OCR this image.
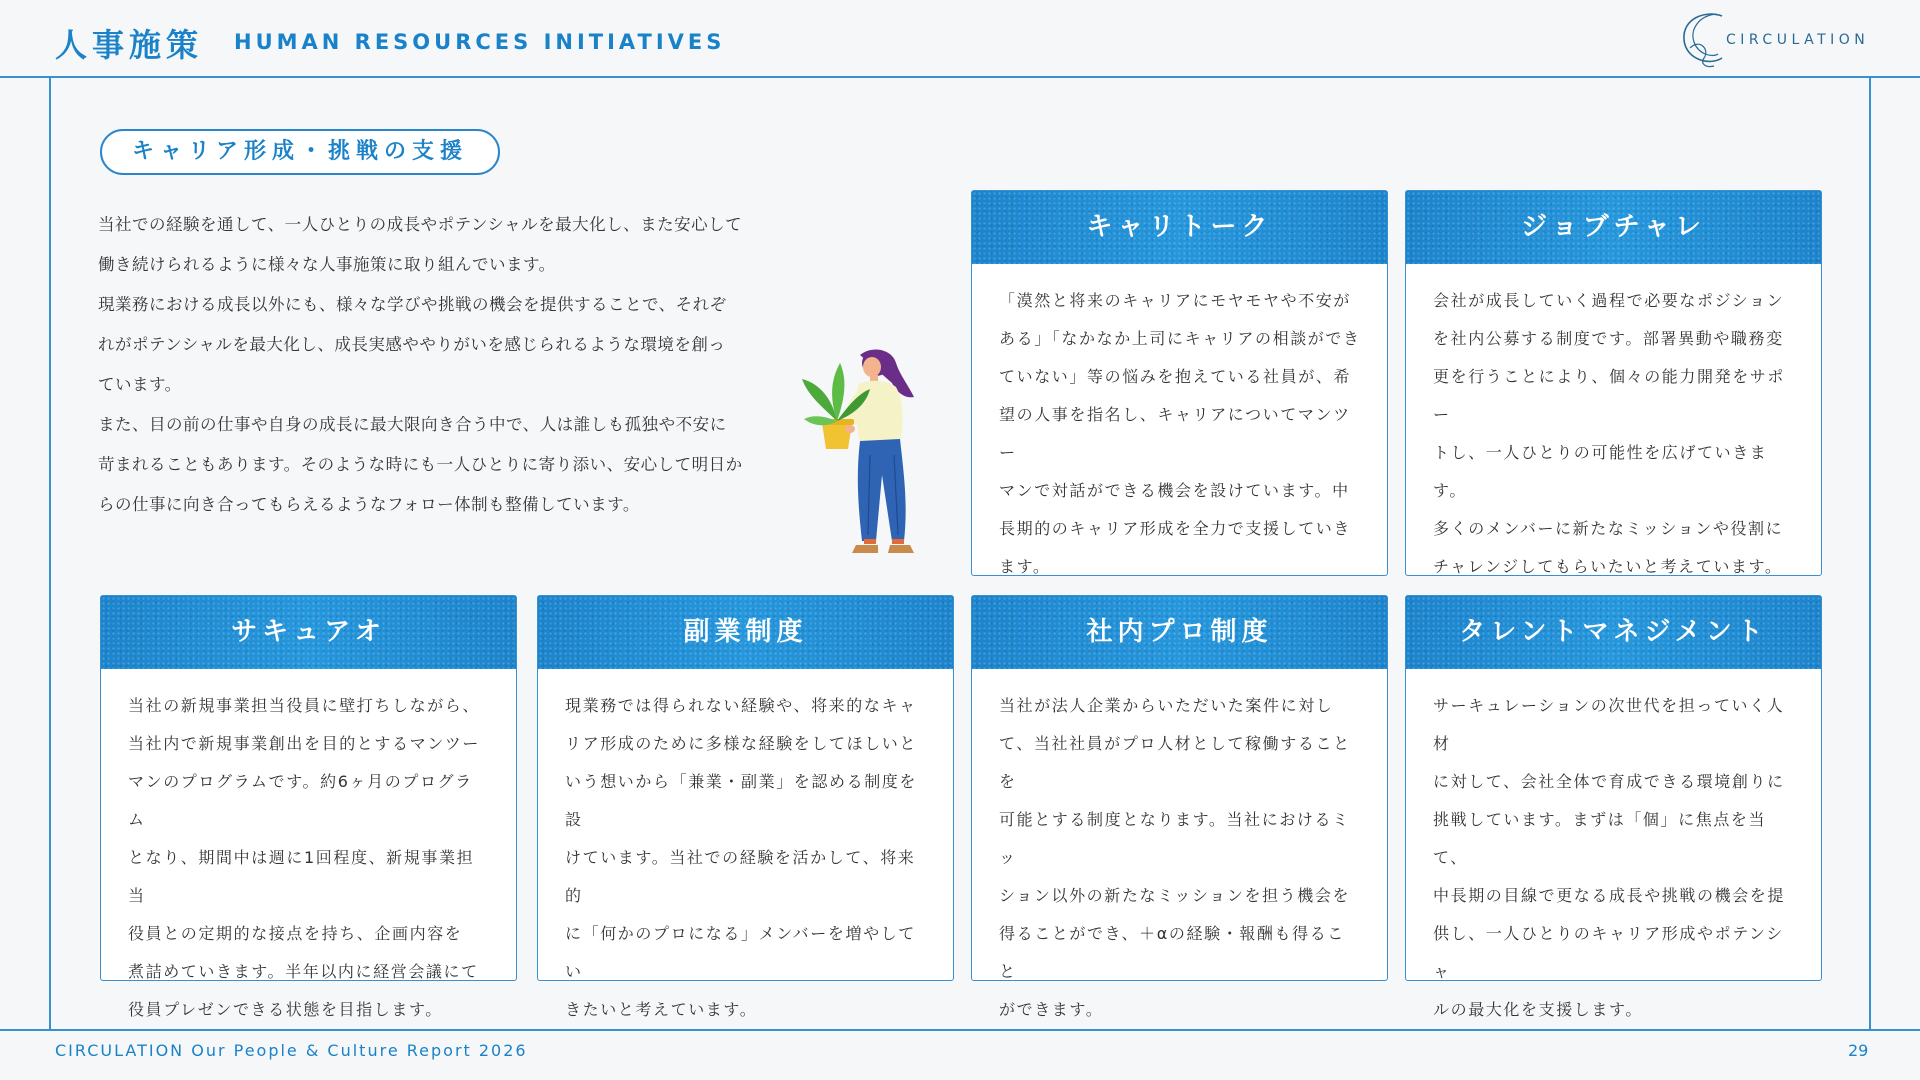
人事施策 HUMAN RESOURCES INITIATIVES	CIRCULATION
キャリア形成・挑戦の支援

当社での経験を通して、一人ひとりの成長やポテンシャルを最大化し、また安心して

働き続けられるように様々な人事施策に取り組んでいます。

現業務における成長以外にも、様々な学びや挑戦の機会を提供することで、それぞ

れがポテンシャルを最大化し、成長実感ややりがいを感じられるような環境を創っ

ています。

また、目の前の仕事や自身の成長に最大限向き合う中で、人は誰しも孤独や不安に

苛まれることもあります。そのような時にも一人ひとりに寄り添い、安心して明日か

らの仕事に向き合ってもらえるようなフォロー体制も整備しています。

キャリトーク
「漠然と将来のキャリアにモヤモヤや不安が
ある」「なかなか上司にキャリアの相談ができ
ていない」等の悩みを抱えている社員が、希
望の人事を指名し、キャリアについてマンツー
マンで対話ができる機会を設けています。中
長期的のキャリア形成を全力で支援していき
ます。
ジョブチャレ
会社が成長していく過程で必要なポジション
を社内公募する制度です。部署異動や職務変
更を行うことにより、個々の能力開発をサポー
トし、一人ひとりの可能性を広げていきます。
多くのメンバーに新たなミッションや役割に
チャレンジしてもらいたいと考えています。
サキュアオ
当社の新規事業担当役員に壁打ちしながら、
当社内で新規事業創出を目的とするマンツー
マンのプログラムです。約6ヶ月のプログラム
となり、期間中は週に1回程度、新規事業担当
役員との定期的な接点を持ち、企画内容を
煮詰めていきます。半年以内に経営会議にて
役員プレゼンできる状態を目指します。
副業制度
現業務では得られない経験や、将来的なキャ
リア形成のために多様な経験をしてほしいと
いう想いから「兼業・副業」を認める制度を設
けています。当社での経験を活かして、将来的
に「何かのプロになる」メンバーを増やしてい
きたいと考えています。
社内プロ制度
当社が法人企業からいただいた案件に対し
て、当社社員がプロ人材として稼働することを
可能とする制度となります。当社におけるミッ
ション以外の新たなミッションを担う機会を
得ることができ、＋αの経験・報酬も得ること
ができます。
タレントマネジメント
サーキュレーションの次世代を担っていく人材
に対して、会社全体で育成できる環境創りに
挑戦しています。まずは「個」に焦点を当て、
中長期の目線で更なる成長や挑戦の機会を提
供し、一人ひとりのキャリア形成やポテンシャ
ルの最大化を支援します。
CIRCULATION Our People & Culture Report 2026	29
